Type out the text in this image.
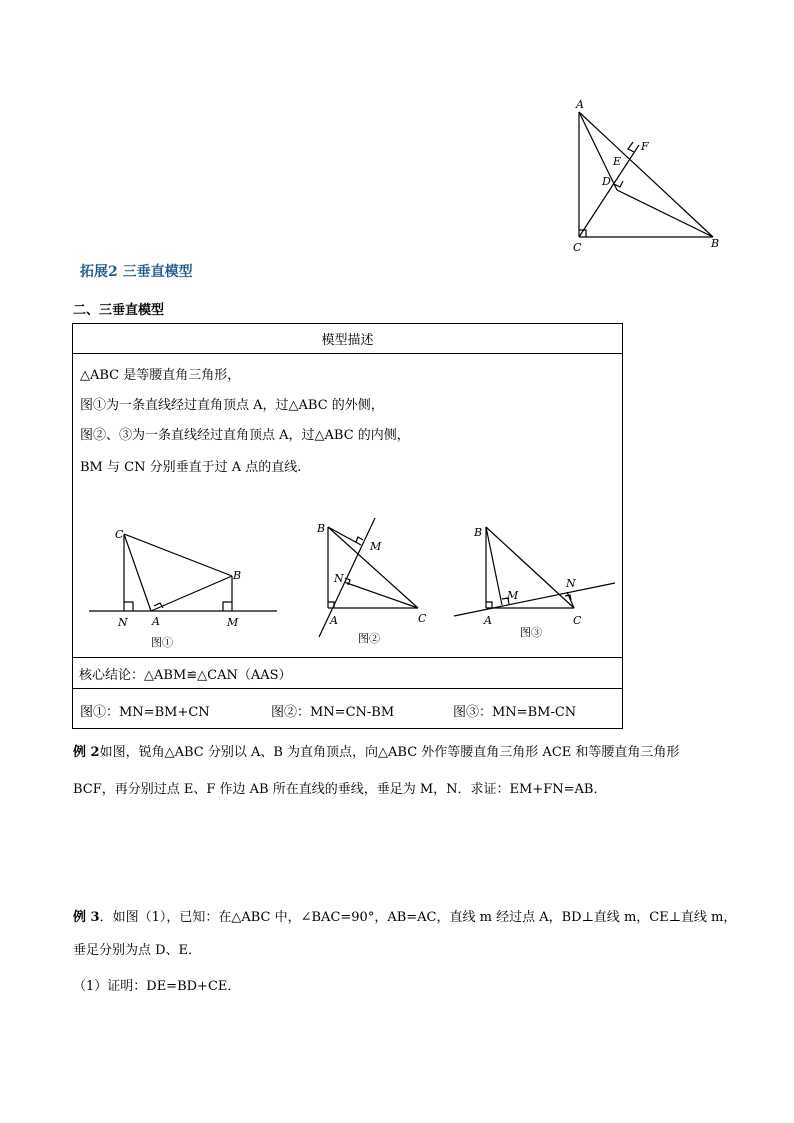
A
F
E
D
C	B
拓展2 三垂直模型
二、三垂直模型
模型描述

△ABC 是等腰直角三角形，
图①为一条直线经过直角顶点 A，过△ABC 的外侧，
图②、③为一条直线经过直角顶点 A，过△ABC 的内侧，
BM 与 CN 分别垂直于过 A 点的直线.
C
B
N A	M
图①
B
M
N
A	C
图②
B
M
N
A	C
图③

核心结论：△ABM≌△CAN（AAS）

图①：MN=BM+CN	图②：MN=CN-BM	图③：MN=BM-CN
例 2如图，锐角△ABC 分别以 A、B 为直角顶点，向△ABC 外作等腰直角三角形 ACE 和等腰直角三角形
BCF，再分别过点 E、F 作边 AB 所在直线的垂线，垂足为 M，N．求证：EM+FN=AB．
例 3．如图（1），已知：在△ABC 中，∠BAC=90°，AB=AC，直线 m 经过点 A，BD⊥直线 m，CE⊥直线 m，
垂足分别为点 D、E．
（1）证明：DE=BD+CE．
